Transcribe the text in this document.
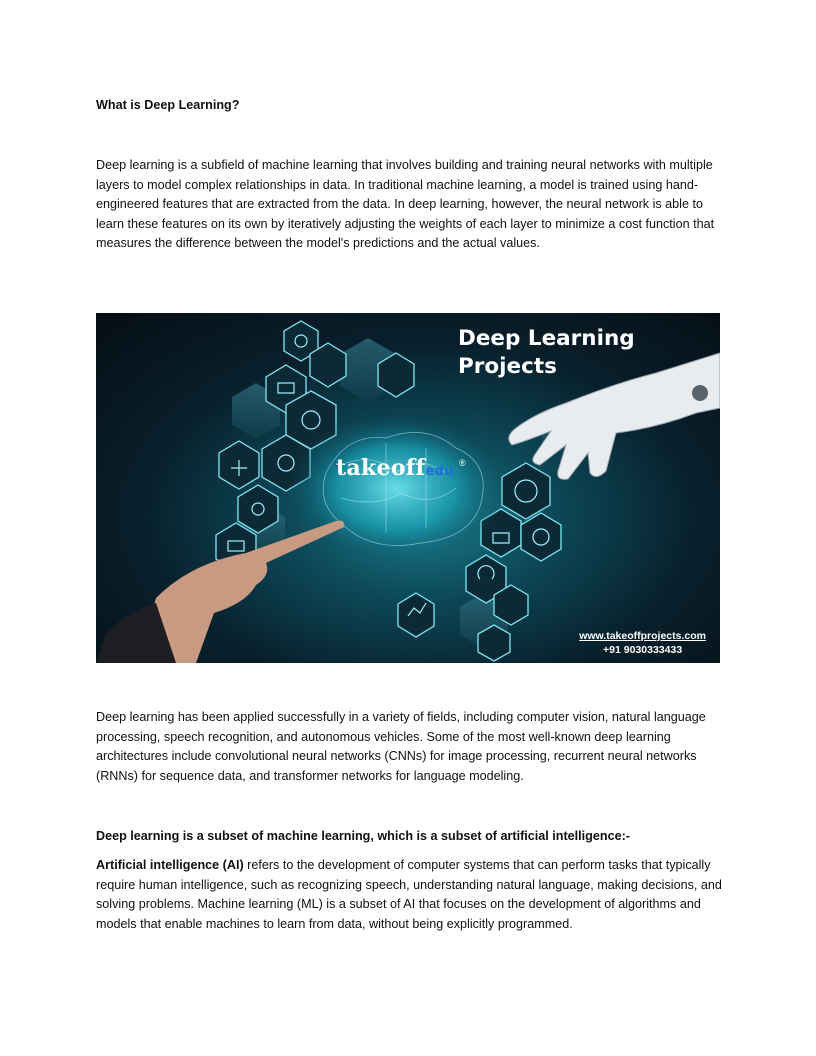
What is Deep Learning?
Deep learning is a subfield of machine learning that involves building and training neural networks with multiple layers to model complex relationships in data. In traditional machine learning, a model is trained using hand-engineered features that are extracted from the data. In deep learning, however, the neural network is able to learn these features on its own by iteratively adjusting the weights of each layer to minimize a cost function that measures the difference between the model's predictions and the actual values.
Deep Learning
Projects
takeoffedu
®
www.takeoffprojects.com
+91 9030333433
Deep learning has been applied successfully in a variety of fields, including computer vision, natural language processing, speech recognition, and autonomous vehicles. Some of the most well-known deep learning architectures include convolutional neural networks (CNNs) for image processing, recurrent neural networks (RNNs) for sequence data, and transformer networks for language modeling.
Deep learning is a subset of machine learning, which is a subset of artificial intelligence:-
Artificial intelligence (AI) refers to the development of computer systems that can perform tasks that typically require human intelligence, such as recognizing speech, understanding natural language, making decisions, and solving problems. Machine learning (ML) is a subset of AI that focuses on the development of algorithms and models that enable machines to learn from data, without being explicitly programmed.
